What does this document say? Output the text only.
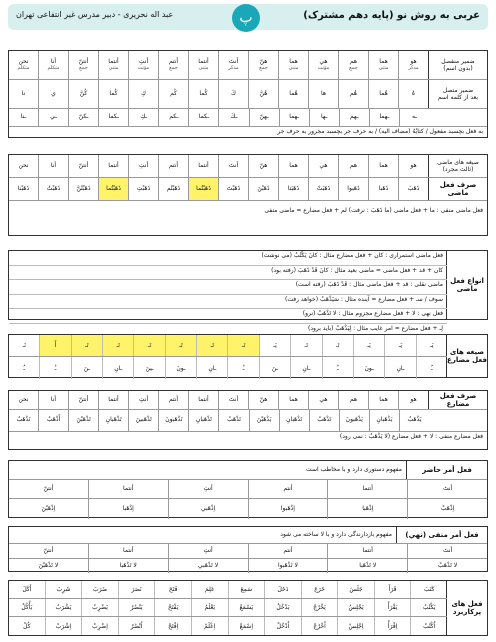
عربی به روش نو (پایه دهم مشترک)
پ
عبد اله نحریری - دبیر مدرس غیر انتفاعی تهران
ضمیر منفصل
(بدون اسم)
هو
مذکر
هما
مثنی
هم
جمع
هي
مؤنث
هما
مثنی
هنّ
جمع
أنتَ
مذکر
أنتما
مثنی
أنتم
جمع
أنتِ
مؤنث
أنتما
مثنی
أنتنّ
جمع
أنا
متکلم
نحن
متکلم
ضمیر متصل
بعد از کلمه اسم
هُ
هُما
هُم
ها
هُما
هُنَّ
كَ
كُما
كُم
كِ
كُما
كُنَّ
ي
نا
ـه
ـهما
ـهم
ـها
ـهما
ـهنّ
ـكَ
ـكما
ـكم
ـكِ
ـكما
ـكنّ
ـي
ـنا
به فعل بچسبد مفعول / كتابُهُ (مضاف اليه) / به حرف جر بچسبد مجرور به حرف جر
صیغه های ماضی
(ثالث مجرد)
هو
هما
هم
هي
هما
هنّ
أنتَ
أنتما
أنتم
أنتِ
أنتما
أنتنّ
أنا
نحن
صرف فعل ماضی
ذَهَبَ
ذَهَبا
ذَهَبوا
ذَهَبَتْ
ذَهَبَتا
ذَهَبْنَ
ذَهَبْتَ
ذَهَبْتُما
ذَهَبْتُم
ذَهَبْتِ
ذَهَبْتُما
ذَهَبْتُنَّ
ذَهَبْتُ
ذَهَبْنا
فعل ماضی منفی : ما + فعل ماضی (ما ذَهَبَ : نرفت) لم + فعل مضارع = ماضی منفی
انواع فعل ماضی
فعل ماضی استمراری : کان + فعل مضارع مثال : کانَ یَکْتُبُ (می نوشت)
کان + قد + فعل ماضی = ماضی بعید مثال : کانَ قَدْ ذَهَبَ (رفته بود)
ماضی نقلی : قد + فعل ماضی مثال : قَدْ ذَهَبَ (رفته است)
سوف / سـ + فعل مضارع = آینده مثال : سَیَذْهَبُ (خواهد رفت)
فعل نهی : لا + فعل مضارع مجزوم مثال : لا تَذْهَبْ (نرو)
لِـ + فعل مضارع = امر غایب مثال : لِیَذْهَبْ (باید برود)
صیغه های فعل مضارع
یَـ
یَـ
یَـ
تَـ
تَـ
یَـ
تَـ
تَـ
تَـ
تَـ
تَـ
تَـ
أَ
نَـ
ـُ
ـانِ
ـونَ
ـُ
ـانِ
ـنَ
ـُ
ـانِ
ـونَ
ـینَ
ـانِ
ـنَ
ـُ
ـُ
صرف فعل مضارع
هو
هما
هم
هي
هما
هنّ
أنتَ
أنتما
أنتم
أنتِ
أنتما
أنتنّ
أنا
نحن
یَذْهَبُ
یَذْهَبانِ
یَذْهَبونَ
تَذْهَبُ
تَذْهَبانِ
یَذْهَبْنَ
تَذْهَبُ
تَذْهَبانِ
تَذْهَبونَ
تَذْهَبینَ
تَذْهَبانِ
تَذْهَبْنَ
أَذْهَبُ
نَذْهَبُ
فعل مضارع منفی : لا + فعل مضارع (لا یَذْهَبُ : نمی رود)
فعل أمر حاضر
مفهوم دستوری دارد و با مخاطب است
أنتَ
أنتما
أنتم
أنتِ
أنتما
أنتنّ
اِذْهَبْ
اِذْهَبا
اِذْهَبوا
اِذْهَبي
اِذْهَبا
اِذْهَبْنَ
فعل أمر منفی (نهي)
مفهوم بازدارندگی دارد و با لا ساخته می شود
أنتَ
أنتما
أنتم
أنتِ
أنتما
أنتنّ
لا تَذْهَبْ
لا تَذْهَبا
لا تَذْهَبوا
لا تَذْهَبي
لا تَذْهَبا
لا تَذْهَبْنَ
فعل های پرکاربرد
كَتَبَ
قَرَأَ
جَلَسَ
خَرَجَ
دَخَلَ
سَمِعَ
عَلِمَ
فَتَحَ
نَصَرَ
ضَرَبَ
شَرِبَ
أَكَلَ
یَكْتُبُ
یَقْرَأُ
یَجْلِسُ
یَخْرُجُ
یَدْخُلُ
یَسْمَعُ
یَعْلَمُ
یَفْتَحُ
یَنْصُرُ
یَضْرِبُ
یَشْرَبُ
یَأْكُلُ
اُكْتُبْ
اِقْرَأْ
اِجْلِسْ
اُخْرُجْ
اُدْخُلْ
اِسْمَعْ
اِعْلَمْ
اِفْتَحْ
اُنْصُرْ
اِضْرِبْ
اِشْرَبْ
كُلْ
